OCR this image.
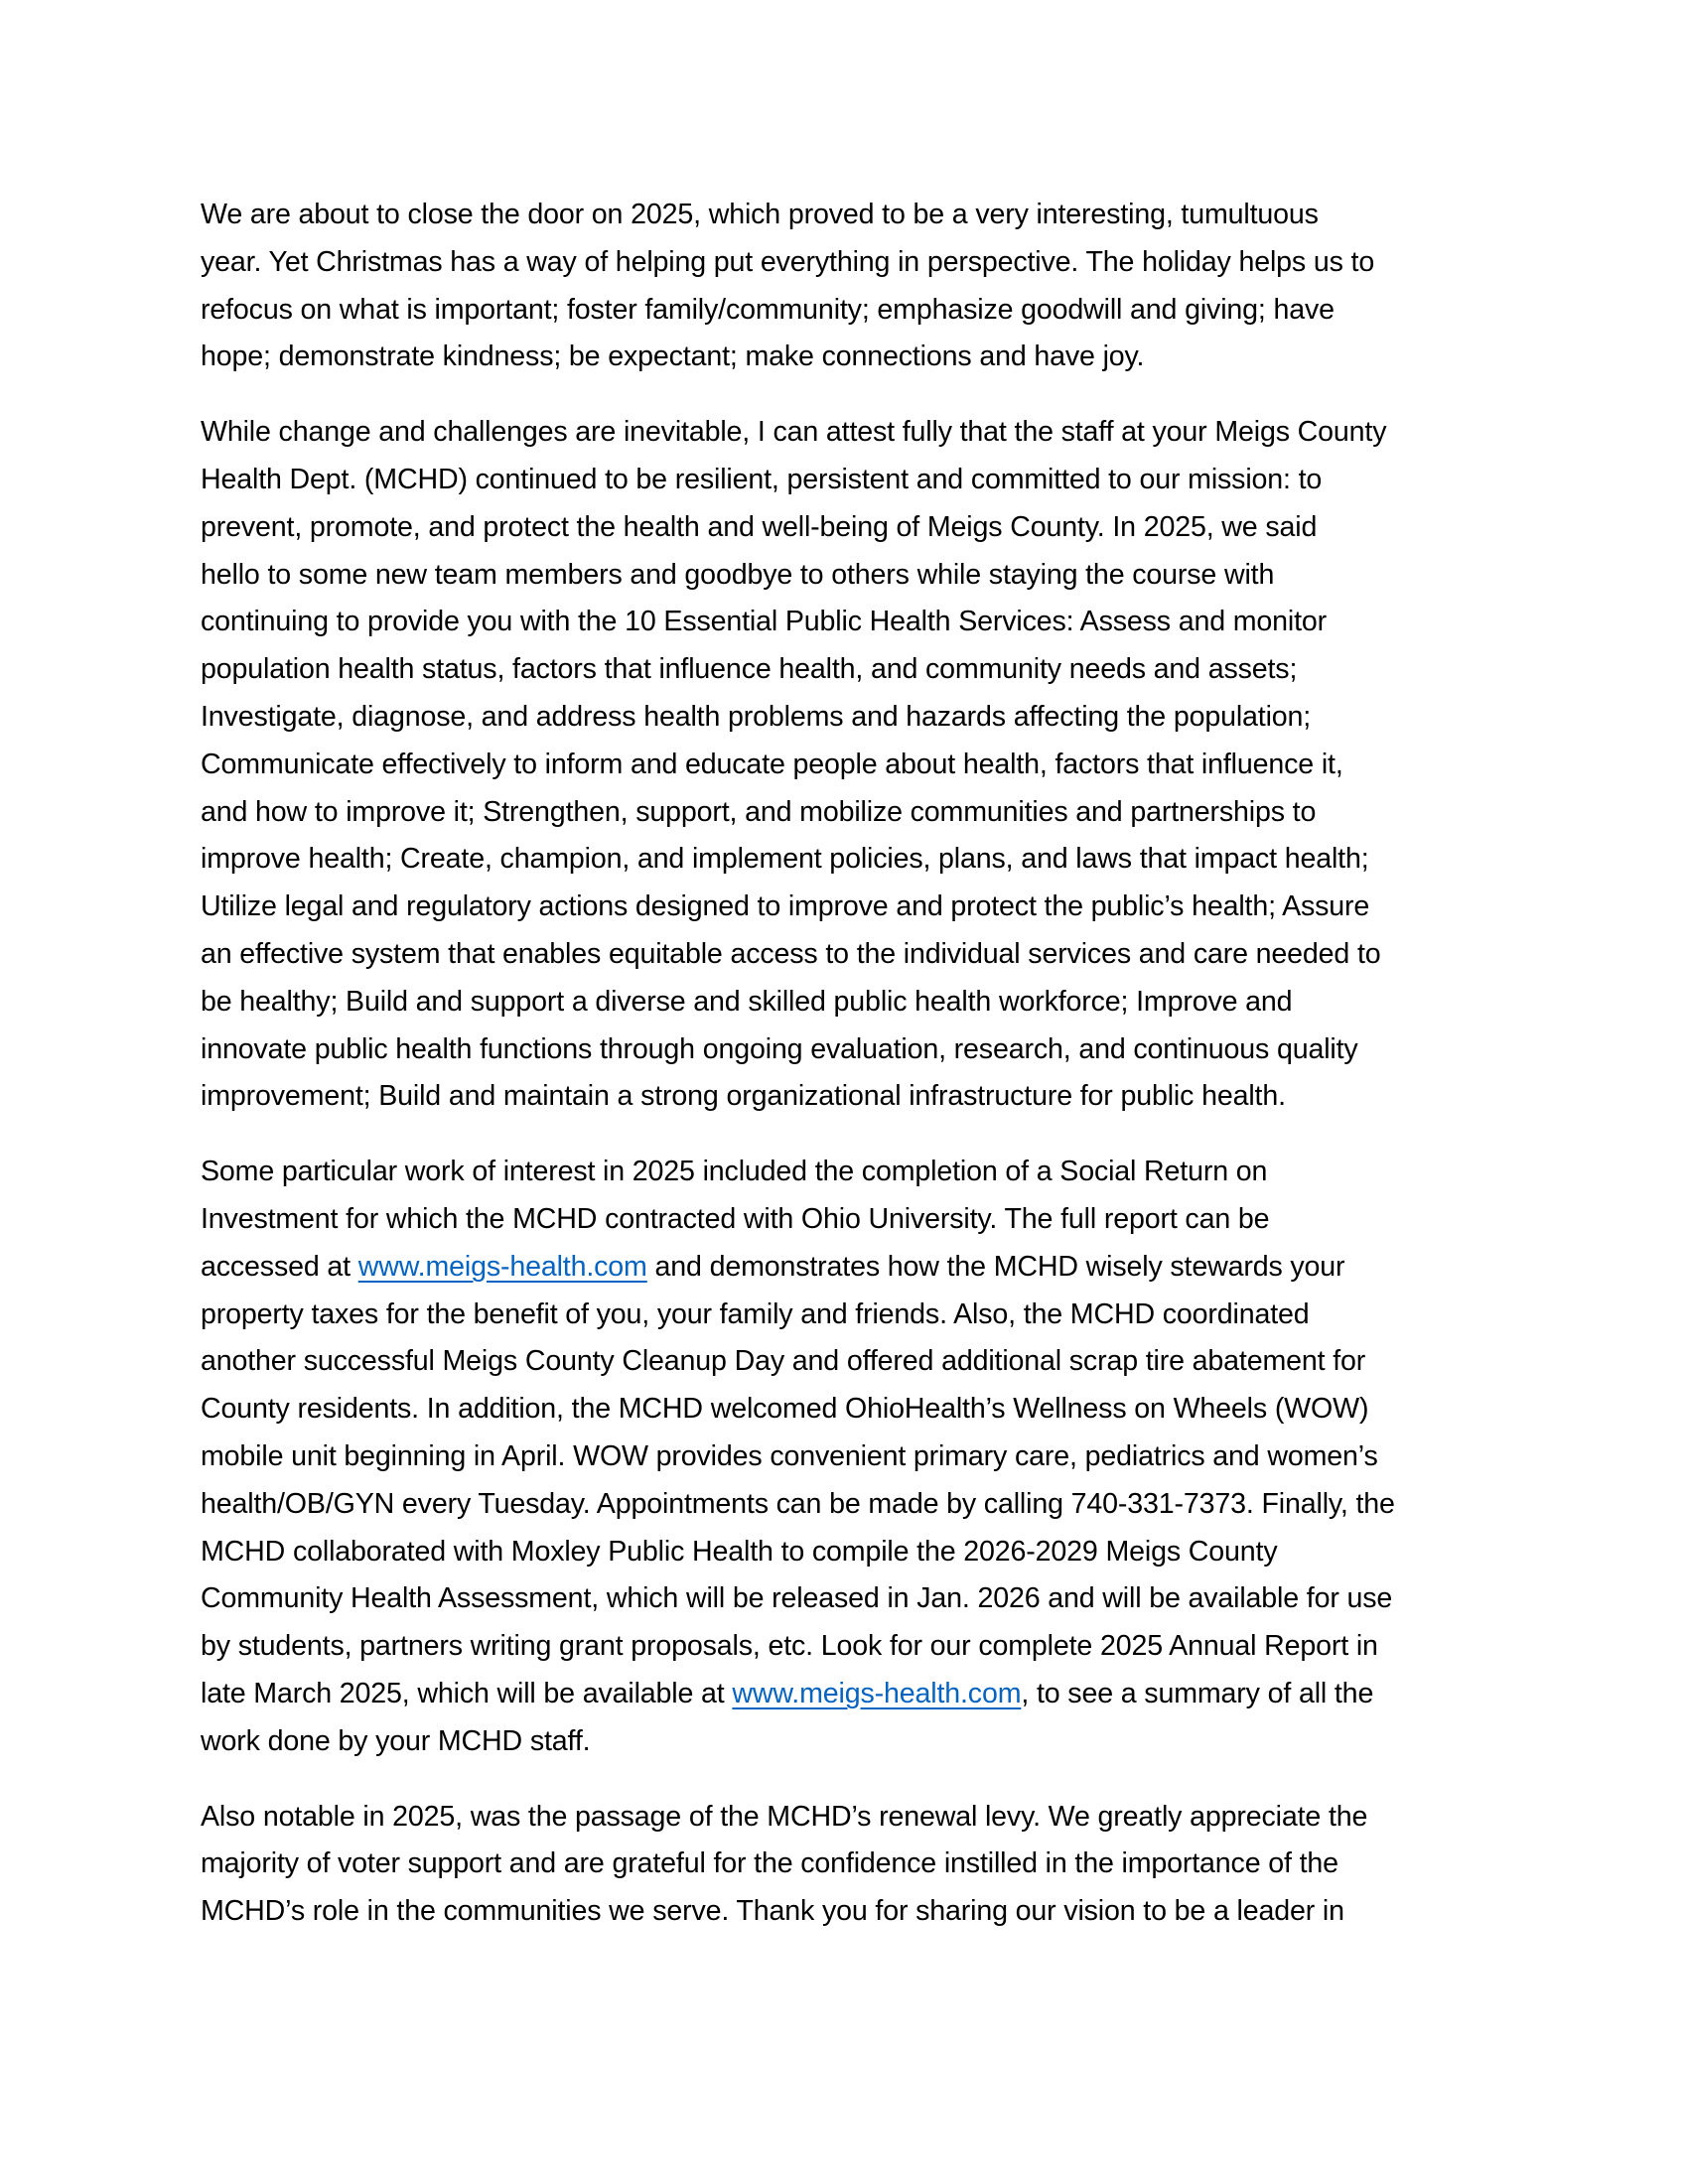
We are about to close the door on 2025, which proved to be a very interesting, tumultuous
year. Yet Christmas has a way of helping put everything in perspective. The holiday helps us to
refocus on what is important; foster family/community; emphasize goodwill and giving; have
hope; demonstrate kindness; be expectant; make connections and have joy.
While change and challenges are inevitable, I can attest fully that the staff at your Meigs County
Health Dept. (MCHD) continued to be resilient, persistent and committed to our mission: to
prevent, promote, and protect the health and well-being of Meigs County. In 2025, we said
hello to some new team members and goodbye to others while staying the course with
continuing to provide you with the 10 Essential Public Health Services: Assess and monitor
population health status, factors that influence health, and community needs and assets;
Investigate, diagnose, and address health problems and hazards affecting the population;
Communicate effectively to inform and educate people about health, factors that influence it,
and how to improve it; Strengthen, support, and mobilize communities and partnerships to
improve health; Create, champion, and implement policies, plans, and laws that impact health;
Utilize legal and regulatory actions designed to improve and protect the public’s health; Assure
an effective system that enables equitable access to the individual services and care needed to
be healthy; Build and support a diverse and skilled public health workforce; Improve and
innovate public health functions through ongoing evaluation, research, and continuous quality
improvement; Build and maintain a strong organizational infrastructure for public health.
Some particular work of interest in 2025 included the completion of a Social Return on
Investment for which the MCHD contracted with Ohio University. The full report can be
accessed at www.meigs-health.com and demonstrates how the MCHD wisely stewards your
property taxes for the benefit of you, your family and friends. Also, the MCHD coordinated
another successful Meigs County Cleanup Day and offered additional scrap tire abatement for
County residents. In addition, the MCHD welcomed OhioHealth’s Wellness on Wheels (WOW)
mobile unit beginning in April. WOW provides convenient primary care, pediatrics and women’s
health/OB/GYN every Tuesday. Appointments can be made by calling 740-331-7373. Finally, the
MCHD collaborated with Moxley Public Health to compile the 2026-2029 Meigs County
Community Health Assessment, which will be released in Jan. 2026 and will be available for use
by students, partners writing grant proposals, etc. Look for our complete 2025 Annual Report in
late March 2025, which will be available at www.meigs-health.com, to see a summary of all the
work done by your MCHD staff.
Also notable in 2025, was the passage of the MCHD’s renewal levy. We greatly appreciate the
majority of voter support and are grateful for the confidence instilled in the importance of the
MCHD’s role in the communities we serve. Thank you for sharing our vision to be a leader in
